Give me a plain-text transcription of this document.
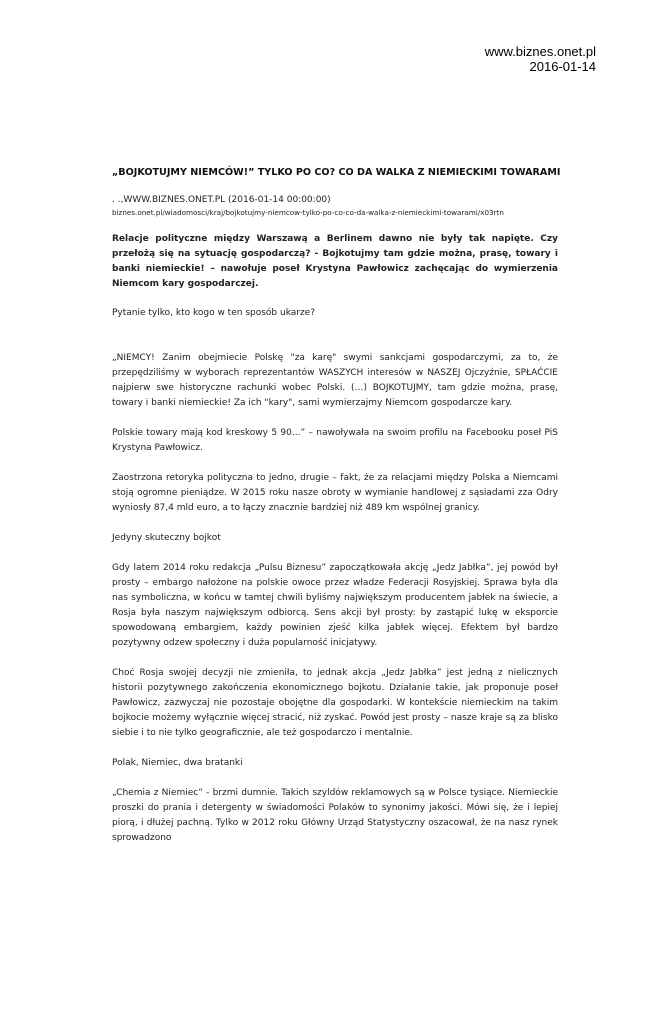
www.biznes.onet.pl
2016-01-14

„BOJKOTUJMY NIEMCÓW!” TYLKO PO CO? CO DA WALKA Z NIEMIECKIMI TOWARAMI

. .,WWW.BIZNES.ONET.PL (2016-01-14 00:00:00)

biznes.onet.pl/wiadomosci/kraj/bojkotujmy-niemcow-tylko-po-co-co-da-walka-z-niemieckimi-towarami/x03rtn

Relacje polityczne między Warszawą a Berlinem dawno nie były tak napięte. Czy przełożą się na sytuację gospodarczą? - Bojkotujmy tam gdzie można, prasę, towary i banki niemieckie! – nawołuje poseł Krystyna Pawłowicz zachęcając do wymierzenia Niemcom kary gospodarczej.

Pytanie tylko, kto kogo w ten sposób ukarze?

„NIEMCY! Zanim obejmiecie Polskę "za karę" swymi sankcjami gospodarczymi, za to, że przepędziliśmy w wyborach reprezentantów WASZYCH interesów w NASZEJ Ojczyźnie, SPŁAĆCIE najpierw swe historyczne rachunki wobec Polski. (…) BOJKOTUJMY, tam gdzie można, prasę, towary i banki niemieckie! Za ich "kary", sami wymierzajmy Niemcom gospodarcze kary.

Polskie towary mają kod kreskowy 5 90...” – nawoływała na swoim profilu na Facebooku poseł PiS Krystyna Pawłowicz.

Zaostrzona retoryka polityczna to jedno, drugie – fakt, że za relacjami między Polska a Niemcami stoją ogromne pieniądze. W 2015 roku nasze obroty w wymianie handlowej z sąsiadami zza Odry wyniosły 87,4 mld euro, a to łączy znacznie bardziej niż 489 km wspólnej granicy.

Jedyny skuteczny bojkot

Gdy latem 2014 roku redakcja „Pulsu Biznesu” zapoczątkowała akcję „Jedz Jabłka”, jej powód był prosty – embargo nałożone na polskie owoce przez władze Federacji Rosyjskiej. Sprawa była dla nas symboliczna, w końcu w tamtej chwili byliśmy największym producentem jabłek na świecie, a Rosja była naszym największym odbiorcą. Sens akcji był prosty: by zastąpić lukę w eksporcie spowodowaną embargiem, każdy powinien zjeść kilka jabłek więcej. Efektem był bardzo pozytywny odzew społeczny i duża popularność inicjatywy.

Choć Rosja swojej decyzji nie zmieniła, to jednak akcja „Jedz Jabłka” jest jedną z nielicznych historii pozytywnego zakończenia ekonomicznego bojkotu. Działanie takie, jak proponuje poseł Pawłowicz, zazwyczaj nie pozostaje obojętne dla gospodarki. W kontekście niemieckim na takim bojkocie możemy wyłącznie więcej stracić, niż zyskać. Powód jest prosty – nasze kraje są za blisko siebie i to nie tylko geograficznie, ale też gospodarczo i mentalnie.

Polak, Niemiec, dwa bratanki

„Chemia z Niemiec” - brzmi dumnie. Takich szyldów reklamowych są w Polsce tysiące. Niemieckie proszki do prania i detergenty w świadomości Polaków to synonimy jakości. Mówi się, że i lepiej piorą, i dłużej pachną. Tylko w 2012 roku Główny Urząd Statystyczny oszacował, że na nasz rynek sprowadzono
